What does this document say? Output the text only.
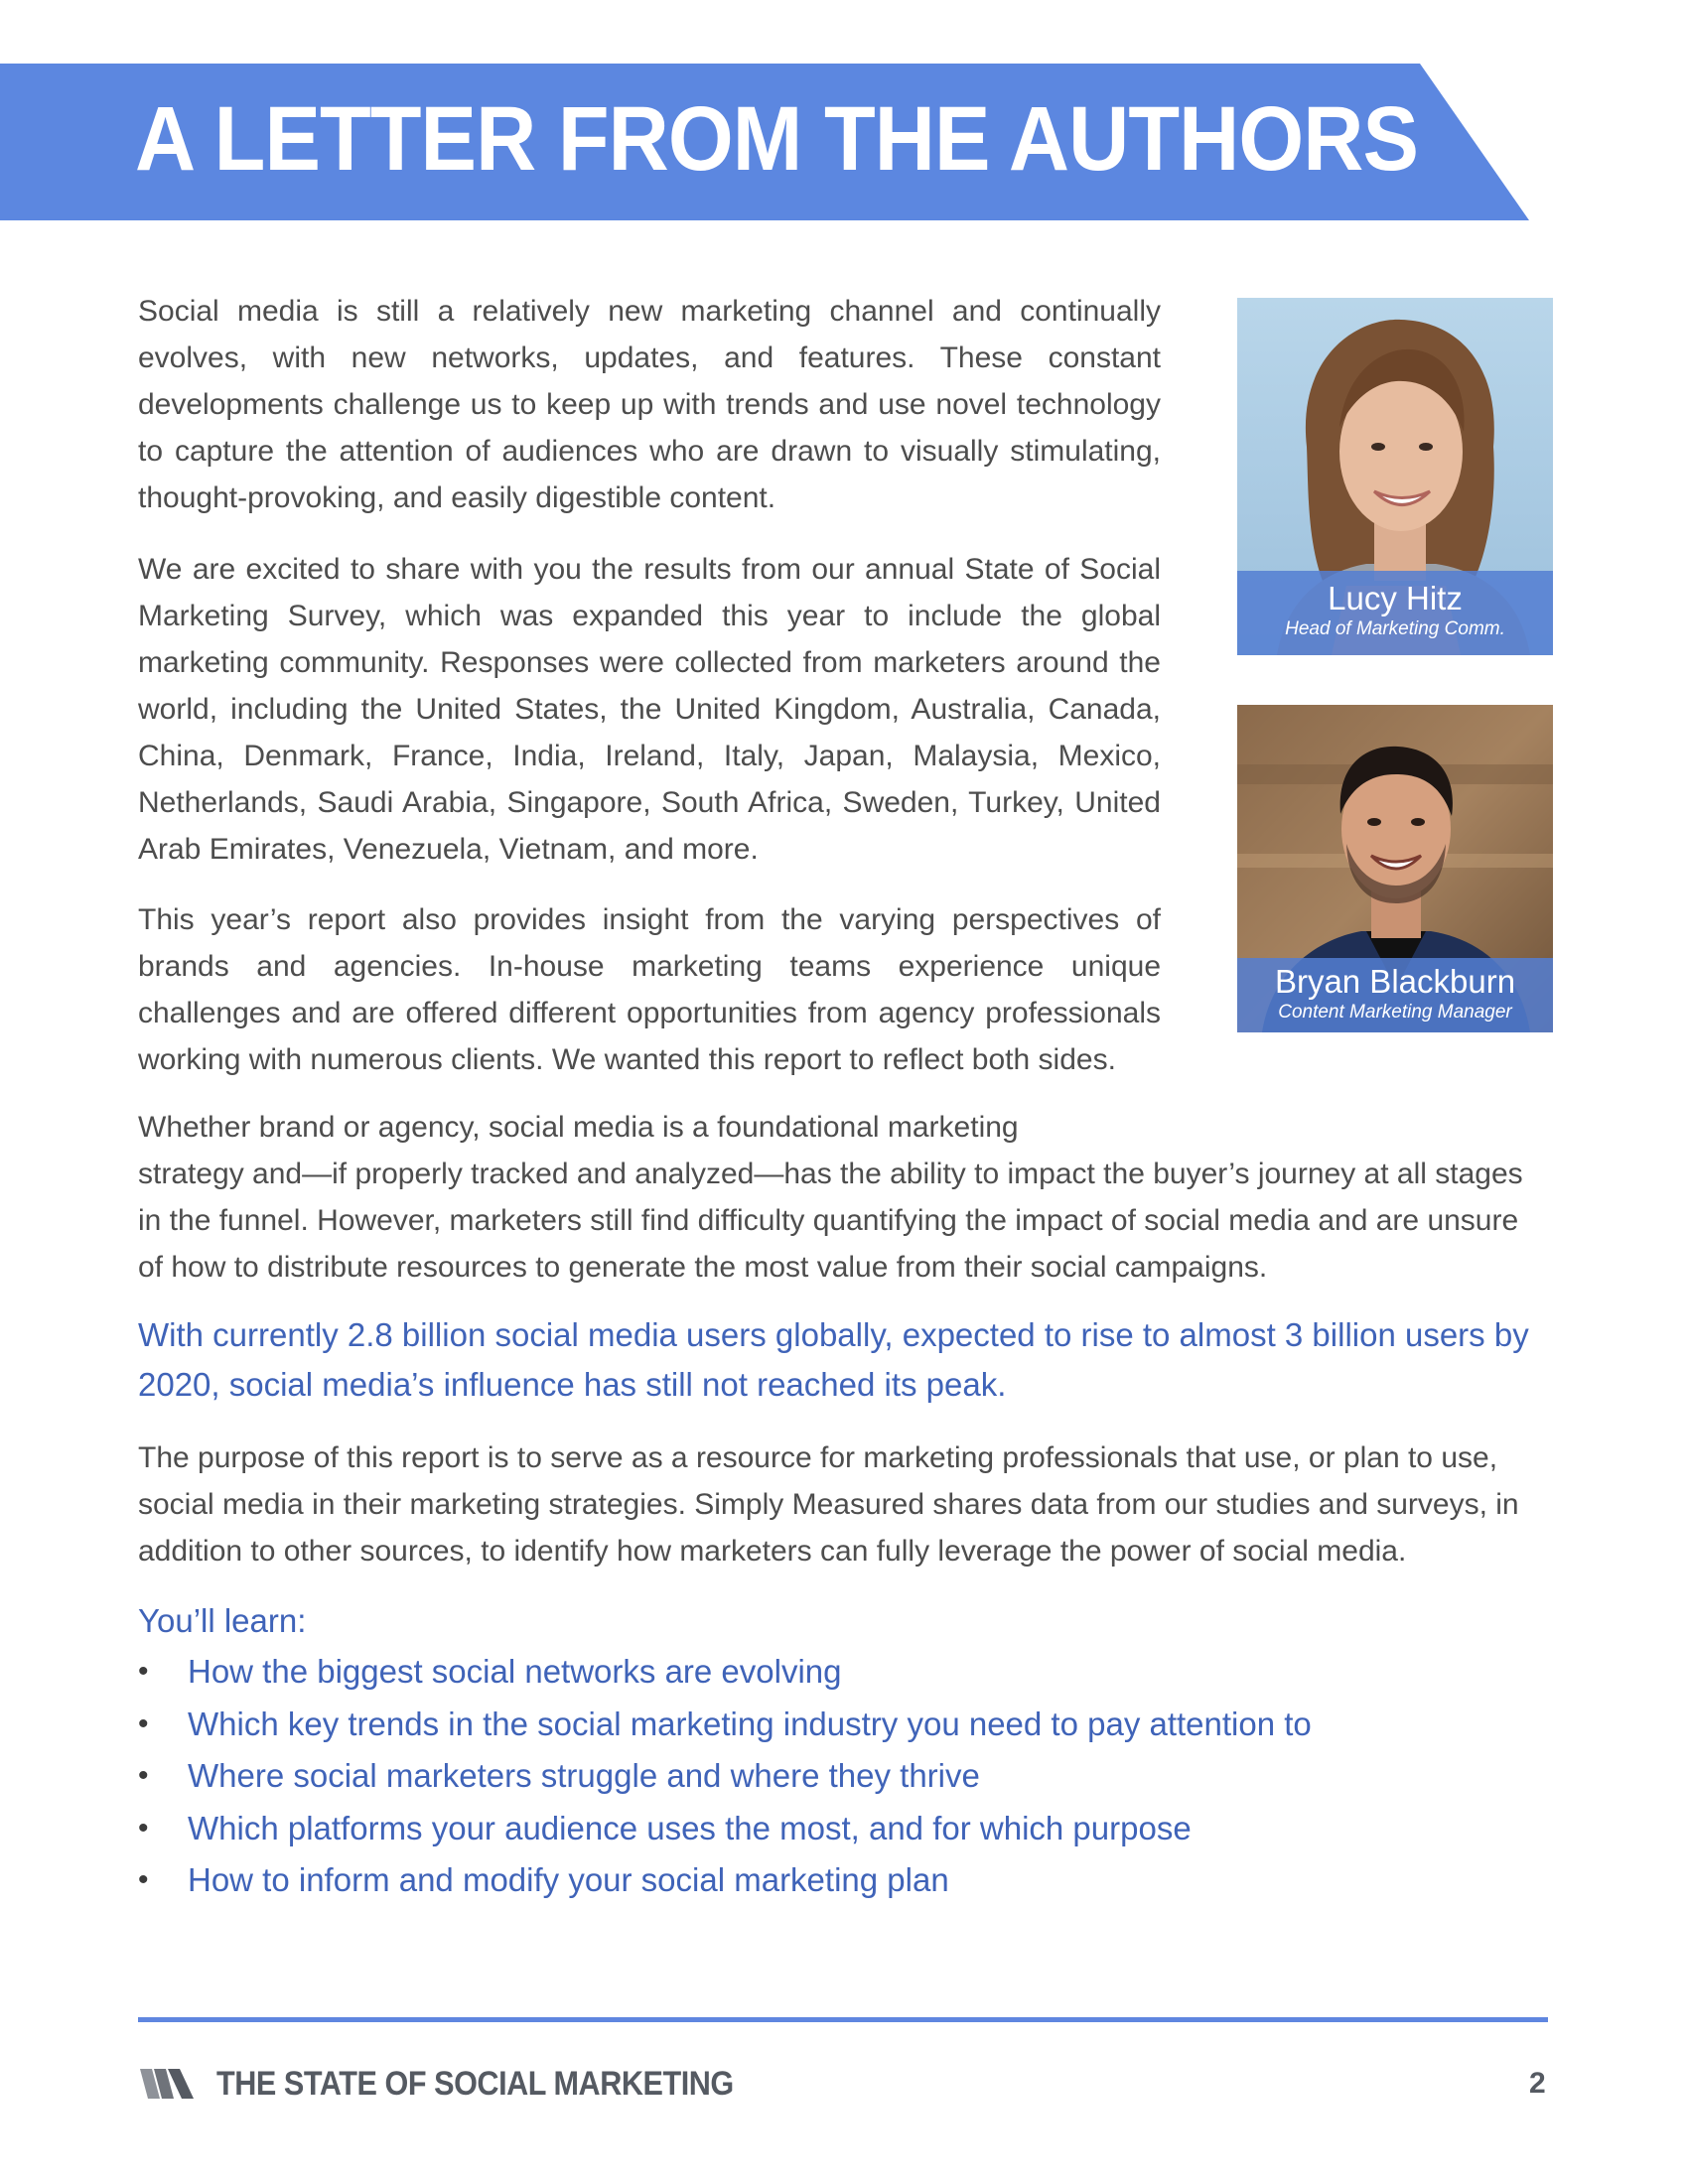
A LETTER FROM THE AUTHORS

Social media is still a relatively new marketing channel and continually evolves, with new networks, updates, and features. These constant developments challenge us to keep up with trends and use novel technology to capture the attention of audiences who are drawn to visually stimulating, thought-provoking, and easily digestible content.

We are excited to share with you the results from our annual State of Social Marketing Survey, which was expanded this year to include the global marketing community. Responses were collected from marketers around the world, including the United States, the United Kingdom, Australia, Canada, China, Denmark, France, India, Ireland, Italy, Japan, Malaysia, Mexico, Netherlands, Saudi Arabia, Singapore, South Africa, Sweden, Turkey, United Arab Emirates, Venezuela, Vietnam, and more.

This year’s report also provides insight from the varying perspectives of brands and agencies. In-house marketing teams experience unique challenges and are offered different opportunities from agency professionals working with numerous clients. We wanted this report to reflect both sides.

Whether brand or agency, social media is a foundational marketing

strategy and—if properly tracked and analyzed—has the ability to impact the buyer’s journey at all stages in the funnel. However, marketers still find difficulty quantifying the impact of social media and are unsure of how to distribute resources to generate the most value from their social campaigns.

With currently 2.8 billion social media users globally, expected to rise to almost 3 billion users by 2020, social media’s influence has still not reached its peak.

The purpose of this report is to serve as a resource for marketing professionals that use, or plan to use, social media in their marketing strategies. Simply Measured shares data from our studies and surveys, in addition to other sources, to identify how marketers can fully leverage the power of social media.

You’ll learn:
• How the biggest social networks are evolving
• Which key trends in the social marketing industry you need to pay attention to
• Where social marketers struggle and where they thrive
• Which platforms your audience uses the most, and for which purpose
• How to inform and modify your social marketing plan
Lucy Hitz
Head of Marketing Comm.
Bryan Blackburn
Content Marketing Manager
THE STATE OF SOCIAL MARKETING	2
